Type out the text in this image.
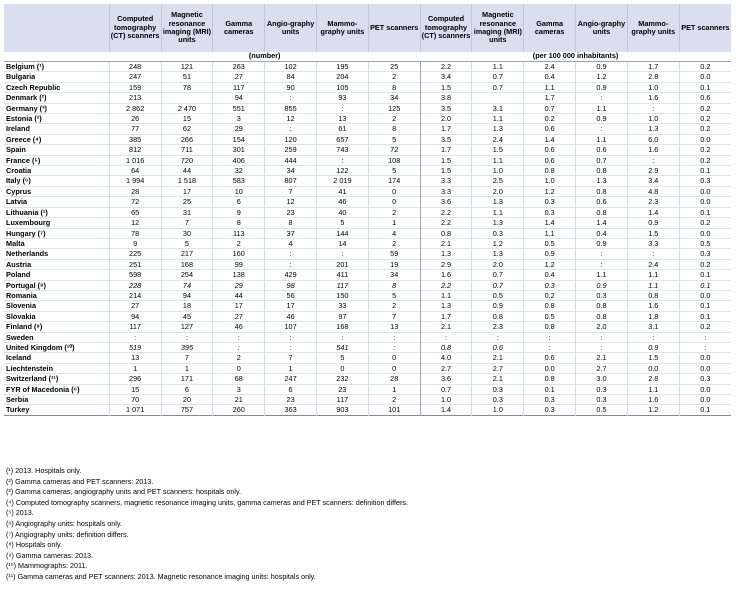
	Computed tomography (CT) scanners	Magnetic resonance imaging (MRI) units	Gamma cameras	Angio-graphy units	Mammo-graphy units	PET scanners	Computed tomography (CT) scanners	Magnetic resonance imaging (MRI) units	Gamma cameras	Angio-graphy units	Mammo-graphy units	PET scanners
	(number)						(per 100 000 inhabitants)					
Belgium (¹)	248	121	263	102	195	25	2.2	1.1	2.4	0.9	1.7	0.2
Bulgaria	247	51	27	84	204	2	3.4	0.7	0.4	1.2	2.8	0.0
Czech Republic	159	78	117	90	105	8	1.5	0.7	1.1	0.9	1.0	0.1
Denmark (²)	213		94	:	93	34	3.8		1.7	:	1.6	0.6
Germany (³)	2 862	2 470	551	855	:	125	3.5	3.1	0.7	1.1	:	0.2
Estonia (²)	26	15	3	12	13	2	2.0	1.1	0.2	0.9	1.0	0.2
Ireland	77	62	29	:	61	8	1.7	1.3	0.6	:	1.3	0.2
Greece (⁴)	385	266	154	120	657	5	3.5	2.4	1.4	1.1	6.0	0.0
Spain	812	711	301	259	743	72	1.7	1.5	0.6	0.6	1.6	0.2
France (⁵)	1 016	720	406	444	:	108	1.5	1.1	0.6	0.7	:	0.2
Croatia	64	44	32	34	122	5	1.5	1.0	0.8	0.8	2.9	0.1
Italy (⁶)	1 994	1 518	583	807	2 019	174	3.3	2.5	1.0	1.3	3.4	0.3
Cyprus	28	17	10	7	41	0	3.3	2.0	1.2	0.8	4.8	0.0
Latvia	72	25	6	12	46	0	3.6	1.3	0.3	0.6	2.3	0.0
Lithuania (¹)	65	31	9	23	40	2	2.2	1.1	0.3	0.8	1.4	0.1
Luxembourg	12	7	8	8	5	1	2.2	1.3	1.4	1.4	0.9	0.2
Hungary (⁷)	78	30	113	37	144	4	0.8	0.3	1.1	0.4	1.5	0.0
Malta	9	5	2	4	14	2	2.1	1.2	0.5	0.9	3.3	0.5
Netherlands	225	217	160	:	:	59	1.3	1.3	0.9	:	:	0.3
Austria	251	168	99	:	201	19	2.9	2.0	1.2	:	2.4	0.2
Poland	598	254	138	429	411	34	1.6	0.7	0.4	1.1	1.1	0.1
Portugal (⁸)	228	74	29	98	117	8	2.2	0.7	0.3	0.9	1.1	0.1
Romania	214	94	44	56	150	5	1.1	0.5	0.2	0.3	0.8	0.0
Slovenia	27	18	17	17	33	2	1.3	0.9	0.8	0.8	1.6	0.1
Slovakia	94	45	27	46	97	7	1.7	0.8	0.5	0.8	1.8	0.1
Finland (⁹)	117	127	46	107	168	13	2.1	2.3	0.8	2.0	3.1	0.2
Sweden	:	:	:	:	:	:	:	:	:	:	:	:
United Kingdom (¹⁰)	519	395	:	:	541	:	0.8	0.6	:	:	0.9	:
Iceland	13	7	2	7	5	0	4.0	2.1	0.6	2.1	1.5	0.0
Liechtenstein	1	1	0	1	0	0	2.7	2.7	0.0	2.7	0.0	0.0
Switzerland (¹¹)	296	171	68	247	232	28	3.6	2.1	0.8	3.0	2.8	0.3
FYR of Macedonia (⁶)	15	6	3	6	23	1	0.7	0.3	0.1	0.3	1.1	0.0
Serbia	70	20	21	23	117	2	1.0	0.3	0.3	0.3	1.6	0.0
Turkey	1 071	757	260	363	903	101	1.4	1.0	0.3	0.5	1.2	0.1
(¹) 2013. Hospitals only.
(²) Gamma cameras and PET scanners: 2013.
(³) Gamma cameras, angiography units and PET scanners: hospitals only.
(⁴) Computed tomography scanners, magnetic resonance imaging units, gamma cameras and PET scanners: definition differs.
(⁵) 2013.
(⁶) Angiography units: hospitals only.
(⁷) Angiography units: definition differs.
(⁸) Hospitals only.
(⁹) Gamma cameras: 2013.
(¹⁰) Mammographs: 2011.
(¹¹) Gamma cameras and PET scanners: 2013. Magnetic resonance imaging units: hospitals only.
